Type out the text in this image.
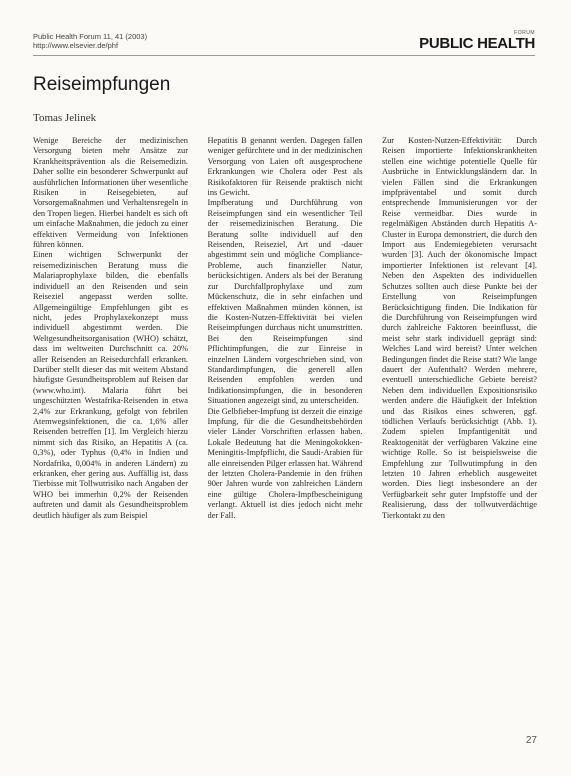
Public Health Forum 11, 41 (2003)
http://www.elsevier.de/phf
FORUM
PUBLIC HEALTH
Reiseimpfungen
Tomas Jelinek

Wenige Bereiche der medizinischen Versorgung bieten mehr Ansätze zur Krankheitsprävention als die Reisemedizin. Daher sollte ein besonderer Schwerpunkt auf ausführlichen Informationen über wesentliche Risiken in Reisegebieten, auf Vorsorgemaßnahmen und Verhaltensregeln in den Tropen liegen. Hierbei handelt es sich oft um einfache Maßnahmen, die jedoch zu einer effektiven Vermeidung von Infektionen führen können.

Einen wichtigen Schwerpunkt der reisemedizinischen Beratung muss die Malariaprophylaxe bilden, die ebenfalls individuell an den Reisenden und sein Reiseziel angepasst werden sollte. Allgemeingültige Empfehlungen gibt es nicht, jedes Prophylaxekonzept muss individuell abgestimmt werden. Die Weltgesundheitsorganisation (WHO) schätzt, dass im weltweiten Durchschnitt ca. 20% aller Reisenden an Reisedurchfall erkranken. Darüber stellt dieser das mit weitem Abstand häufigste Gesundheitsproblem auf Reisen dar (www.who.int). Malaria führt bei ungeschützten Westafrika-Reisenden in etwa 2,4% zur Erkrankung, gefolgt von febrilen Atemwegsinfektionen, die ca. 1,6% aller Reisenden betreffen [1]. Im Vergleich hierzu nimmt sich das Risiko, an Hepatitis A (ca. 0,3%), oder Typhus (0,4% in Indien und Nordafrika, 0,004% in anderen Ländern) zu erkranken, eher gering aus. Auffällig ist, dass Tierbisse mit Tollwutrisiko nach Angaben der WHO bei immerhin 0,2% der Reisenden auftreten und damit als Gesundheitsproblem deutlich häufiger als zum Beispiel

Hepatitis B genannt werden. Dagegen fallen weniger gefürchtete und in der medizinischen Versorgung von Laien oft ausgesprochene Erkrankungen wie Cholera oder Pest als Risikofaktoren für Reisende praktisch nicht ins Gewicht.

Impfberatung und Durchführung von Reiseimpfungen sind ein wesentlicher Teil der reisemedizinischen Beratung. Die Beratung sollte individuell auf den Reisenden, Reiseziel, Art und -dauer abgestimmt sein und mögliche Compliance-Probleme, auch finanzieller Natur, berücksichtigen. Anders als bei der Beratung zur Durchfallprophylaxe und zum Mückenschutz, die in sehr einfachen und effektiven Maßnahmen münden können, ist die Kosten-Nutzen-Effektivität bei vielen Reiseimpfungen durchaus nicht unumstritten. Bei den Reiseimpfungen sind Pflichtimpfungen, die zur Einreise in einzelnen Ländern vorgeschrieben sind, von Standardimpfungen, die generell allen Reisenden empfohlen werden und Indikationsimpfungen, die in besonderen Situationen angezeigt sind, zu unterscheiden.

Die Gelbfieber-Impfung ist derzeit die einzige Impfung, für die die Gesundheitsbehörden vieler Länder Vorschriften erlassen haben. Lokale Bedeutung hat die Meningokokken-Meningitis-Impfpflicht, die Saudi-Arabien für alle einreisenden Pilger erlassen hat. Während der letzten Cholera-Pandemie in den frühen 90er Jahren wurde von zahlreichen Ländern eine gültige Cholera-Impfbescheinigung verlangt. Aktuell ist dies jedoch nicht mehr der Fall.

Zur Kosten-Nutzen-Effektivität: Durch Reisen importierte Infektionskrankheiten stellen eine wichtige potentielle Quelle für Ausbrüche in Entwicklungsländern dar. In vielen Fällen sind die Erkrankungen impfpräventabel und somit durch entsprechende Immunisierungen vor der Reise vermeidbar. Dies wurde in regelmäßigen Abständen durch Hepatitis A-Cluster in Europa demonstriert, die durch den Import aus Endemiegebieten verursacht wurden [3]. Auch der ökonomische Impact importierter Infektionen ist relevant [4]. Neben den Aspekten des individuellen Schutzes sollten auch diese Punkte bei der Erstellung von Reiseimpfungen Berücksichtigung finden. Die Indikation für die Durchführung von Reiseimpfungen wird durch zahlreiche Faktoren beeinflusst, die meist sehr stark individuell geprägt sind: Welches Land wird bereist? Unter welchen Bedingungen findet die Reise statt? Wie lange dauert der Aufenthalt? Werden mehrere, eventuell unterschiedliche Gebiete bereist? Neben dem individuellen Expositionsrisiko werden andere die Häufigkeit der Infektion und das Risikos eines schweren, ggf. tödlichen Verlaufs berücksichtigt (Abb. 1). Zudem spielen Impfantigenität und Reaktogenität der verfügbaren Vakzine eine wichtige Rolle. So ist beispielsweise die Empfehlung zur Tollwutimpfung in den letzten 10 Jahren erheblich ausgeweitet worden. Dies liegt insbesondere an der Verfügbarkeit sehr guter Impfstoffe und der Realisierung, dass der tollwutverdächtige Tierkontakt zu den

27
